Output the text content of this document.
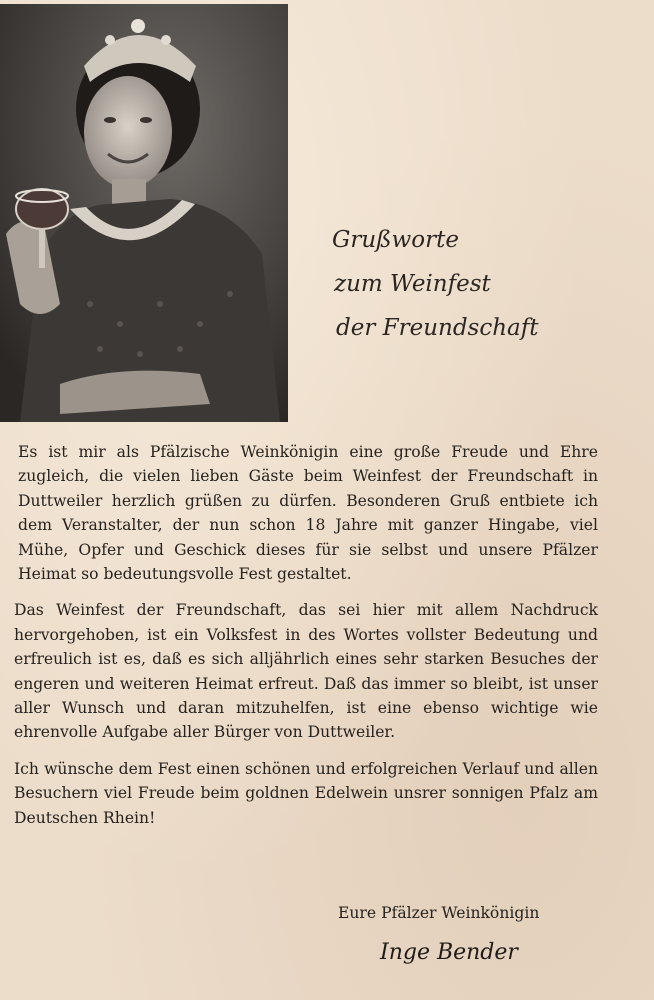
Grußworte
zum Weinfest
der Freundschaft

Es ist mir als Pfälzische Weinkönigin eine große Freude und Ehre zugleich, die vielen lieben Gäste beim Weinfest der Freundschaft in Duttweiler herzlich grüßen zu dürfen. Besonderen Gruß entbiete ich dem Veranstalter, der nun schon 18 Jahre mit ganzer Hingabe, viel Mühe, Opfer und Geschick dieses für sie selbst und unsere Pfälzer Heimat so bedeutungsvolle Fest gestaltet.

Das Weinfest der Freundschaft, das sei hier mit allem Nachdruck hervorgehoben, ist ein Volksfest in des Wortes vollster Bedeutung und erfreulich ist es, daß es sich alljährlich eines sehr starken Besuches der engeren und weiteren Heimat erfreut. Daß das immer so bleibt, ist unser aller Wunsch und daran mitzuhelfen, ist eine ebenso wichtige wie ehrenvolle Aufgabe aller Bürger von Duttweiler.

Ich wünsche dem Fest einen schönen und erfolgreichen Verlauf und allen Besuchern viel Freude beim goldnen Edelwein unsrer sonnigen Pfalz am Deutschen Rhein!

Eure Pfälzer Weinkönigin
Inge Bender
